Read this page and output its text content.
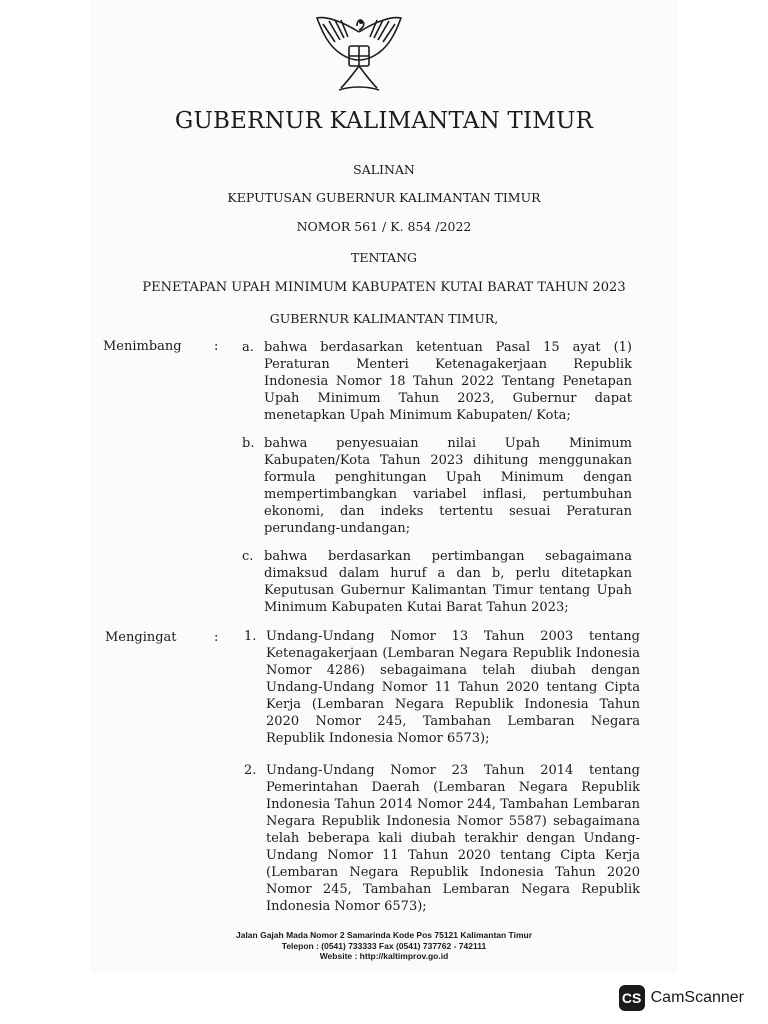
GUBERNUR KALIMANTAN TIMUR
SALINAN
KEPUTUSAN GUBERNUR KALIMANTAN TIMUR
NOMOR 561 / K. 854 /2022
TENTANG
PENETAPAN UPAH MINIMUM KABUPATEN KUTAI BARAT TAHUN 2023
GUBERNUR KALIMANTAN TIMUR,
Menimbang : a. bahwa berdasarkan ketentuan Pasal 15 ayat (1) Peraturan Menteri Ketenagakerjaan Republik Indonesia Nomor 18 Tahun 2022 Tentang Penetapan Upah Minimum Tahun 2023, Gubernur dapat menetapkan Upah Minimum Kabupaten/ Kota;
b. bahwa penyesuaian nilai Upah Minimum Kabupaten/Kota Tahun 2023 dihitung menggunakan formula penghitungan Upah Minimum dengan mempertimbangkan variabel inflasi, pertumbuhan ekonomi, dan indeks tertentu sesuai Peraturan perundang-undangan;
c. bahwa berdasarkan pertimbangan sebagaimana dimaksud dalam huruf a dan b, perlu ditetapkan Keputusan Gubernur Kalimantan Timur tentang Upah Minimum Kabupaten Kutai Barat Tahun 2023;
Mengingat	: 1. Undang-Undang Nomor 13 Tahun 2003 tentang Ketenagakerjaan (Lembaran Negara Republik Indonesia Nomor 4286) sebagaimana telah diubah dengan Undang-Undang Nomor 11 Tahun 2020 tentang Cipta Kerja (Lembaran Negara Republik Indonesia Tahun 2020 Nomor 245, Tambahan Lembaran Negara Republik Indonesia Nomor 6573);
2. Undang-Undang Nomor 23 Tahun 2014 tentang Pemerintahan Daerah (Lembaran Negara Republik Indonesia Tahun 2014 Nomor 244, Tambahan Lembaran Negara Republik Indonesia Nomor 5587) sebagaimana telah beberapa kali diubah terakhir dengan Undang-Undang Nomor 11 Tahun 2020 tentang Cipta Kerja (Lembaran Negara Republik Indonesia Tahun 2020 Nomor 245, Tambahan Lembaran Negara Republik Indonesia Nomor 6573);
Jalan Gajah Mada Nomor 2 Samarinda Kode Pos 75121 Kalimantan Timur
Telepon : (0541) 733333 Fax (0541) 737762 - 742111
Website : http://kaltimprov.go.id
CS CamScanner
